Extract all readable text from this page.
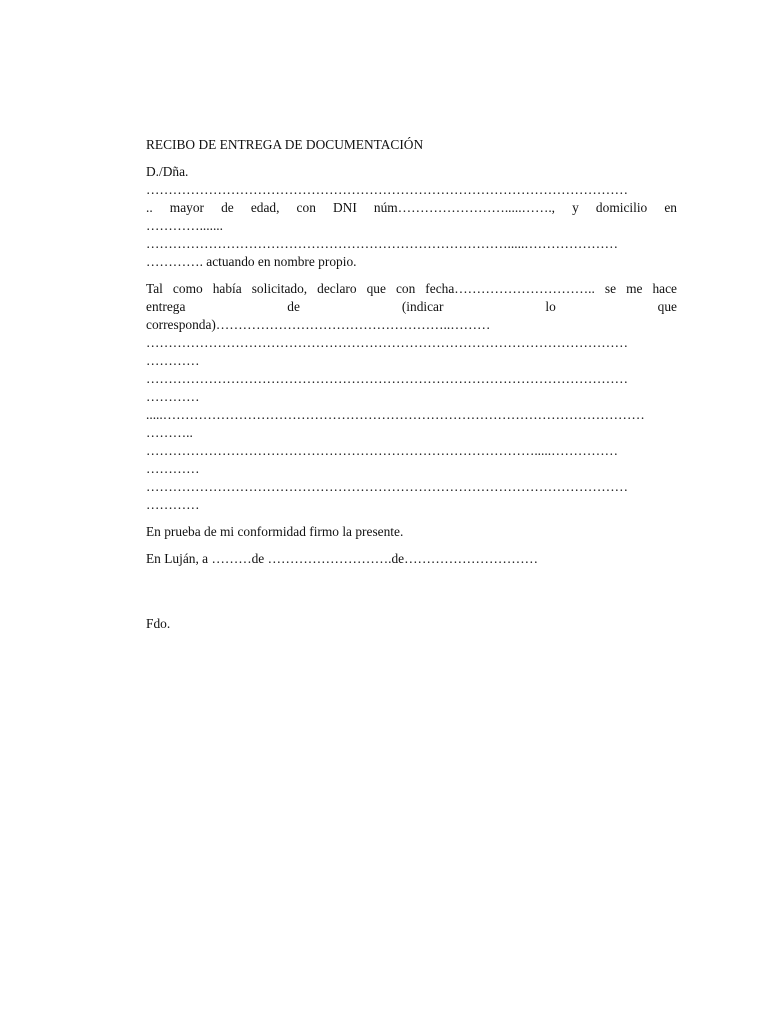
RECIBO DE ENTREGA DE DOCUMENTACIÓN
D./Dña.
………………………………………………………………………………………………
.. mayor de edad, con DNI núm…………………….....……., y domicilio en
………….......
……………………………………………………………………….....…………………
…………. actuando en nombre propio.
Tal como había solicitado, declaro que con fecha………………………….. se me hace
entrega de (indicar lo que
corresponda)……………………………………………..………
………………………………………………………………………………………………
…………
………………………………………………………………………………………………
…………
.....………………………………………………………………………………………………
………..
…………………………………………………………………………….....……………
…………
………………………………………………………………………………………………
…………
En prueba de mi conformidad firmo la presente.
En Luján, a ………de ……………………….de…………………………
Fdo.
